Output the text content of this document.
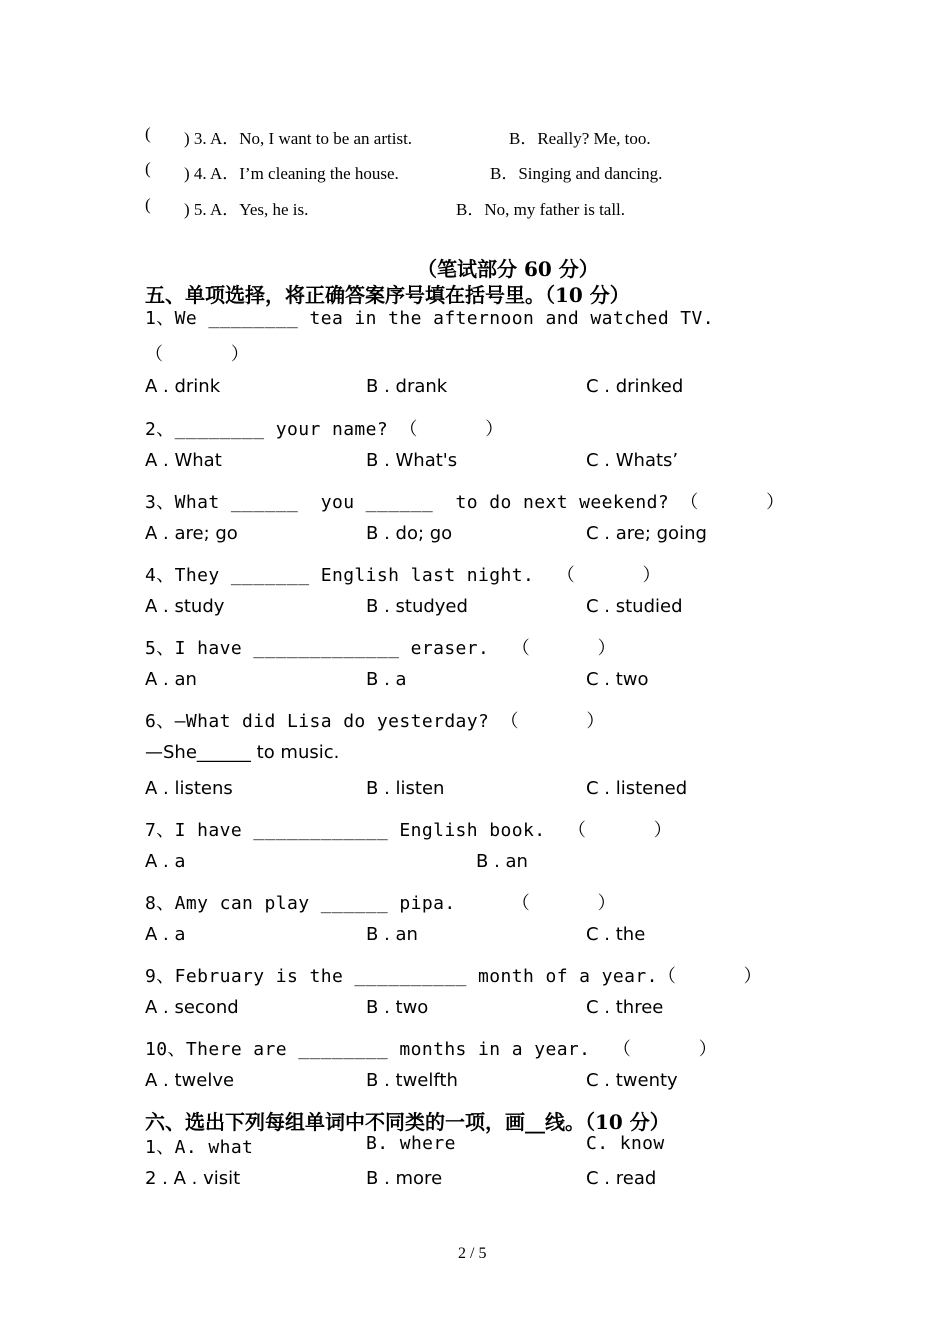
( ) 3. A．No, I want to be an artist.	B．Really? Me, too.
( ) 4. A．I’m cleaning the house.	B．Singing and dancing.
( ) 5. A．Yes, he is.	B．No, my father is tall.
（笔试部分 60 分）
五、单项选择，将正确答案序号填在括号里。（10 分）
1、We ________ tea in the afternoon and watched TV.
（      ）
A . drink	B . drank	C . drinked
2、________ your name? （      ）
A . What	B . What's	C . Whats’
3、What ______  you ______  to do next weekend? （      ）
A . are; go	B . do; go	C . are; going
4、They _______ English last night.  （      ）
A . study	B . studyed	C . studied
5、I have _____________ eraser.  （      ）
A . an	B . a	C . two
6、—What did Lisa do yesterday? （      ）
—She______ to music.
A . listens	B . listen	C . listened
7、I have ____________ English book.  （      ）
A . a	B . an
8、Amy can play ______ pipa.     （      ）
A . a	B . an	C . the
9、February is the __________ month of a year.（      ）
A . second	B . two	C . three
10、There are ________ months in a year.  （      ）
A . twelve	B . twelfth	C . twenty
六、选出下列每组单词中不同类的一项，画__线。（10 分）
1、A. what	B. where	C. know
2 . A . visit	B . more	C . read
2 / 5
